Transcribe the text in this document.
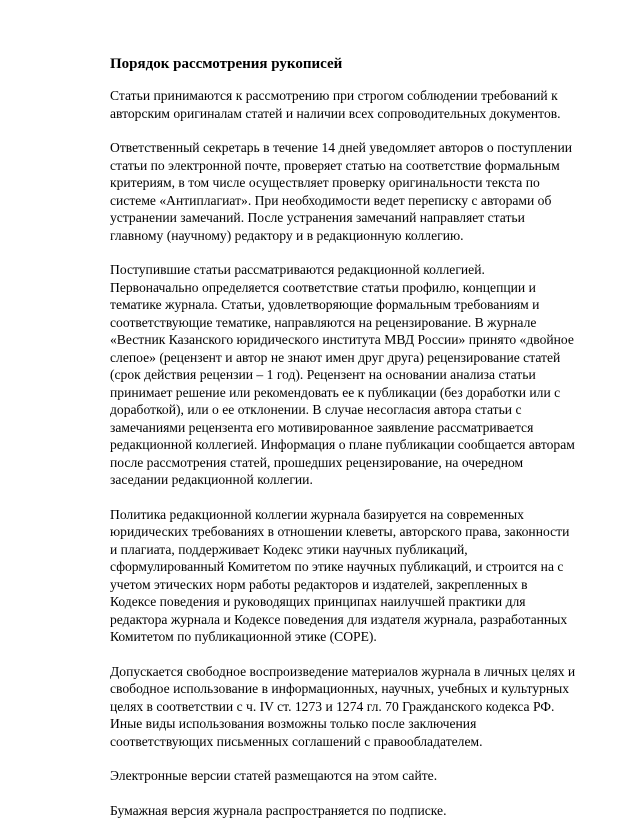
Порядок рассмотрения рукописей
Статьи принимаются к рассмотрению при строгом соблюдении требований к
авторским оригиналам статей и наличии всех сопроводительных документов.
Ответственный секретарь в течение 14 дней уведомляет авторов о поступлении
статьи по электронной почте, проверяет статью на соответствие формальным
критериям, в том числе осуществляет проверку оригинальности текста по
системе «Антиплагиат». При необходимости ведет переписку с авторами об
устранении замечаний. После устранения замечаний направляет статьи
главному (научному) редактору и в редакционную коллегию.
Поступившие статьи рассматриваются редакционной коллегией.
Первоначально определяется соответствие статьи профилю, концепции и
тематике журнала. Статьи, удовлетворяющие формальным требованиям и
соответствующие тематике, направляются на рецензирование. В журнале
«Вестник Казанского юридического института МВД России» принято «двойное
слепое» (рецензент и автор не знают имен друг друга) рецензирование статей
(срок действия рецензии – 1 год). Рецензент на основании анализа статьи
принимает решение или рекомендовать ее к публикации (без доработки или с
доработкой), или о ее отклонении. В случае несогласия автора статьи с
замечаниями рецензента его мотивированное заявление рассматривается
редакционной коллегией. Информация о плане публикации сообщается авторам
после рассмотрения статей, прошедших рецензирование, на очередном
заседании редакционной коллегии.
Политика редакционной коллегии журнала базируется на современных
юридических требованиях в отношении клеветы, авторского права, законности
и плагиата, поддерживает Кодекс этики научных публикаций,
сформулированный Комитетом по этике научных публикаций, и строится на с
учетом этических норм работы редакторов и издателей, закрепленных в
Кодексе поведения и руководящих принципах наилучшей практики для
редактора журнала и Кодексе поведения для издателя журнала, разработанных
Комитетом по публикационной этике (COPE).
Допускается свободное воспроизведение материалов журнала в личных целях и
свободное использование в информационных, научных, учебных и культурных
целях в соответствии с ч. IV ст. 1273 и 1274 гл. 70 Гражданского кодекса РФ.
Иные виды использования возможны только после заключения
соответствующих письменных соглашений с правообладателем.
Электронные версии статей размещаются на этом сайте.
Бумажная версия журнала распространяется по подписке.
